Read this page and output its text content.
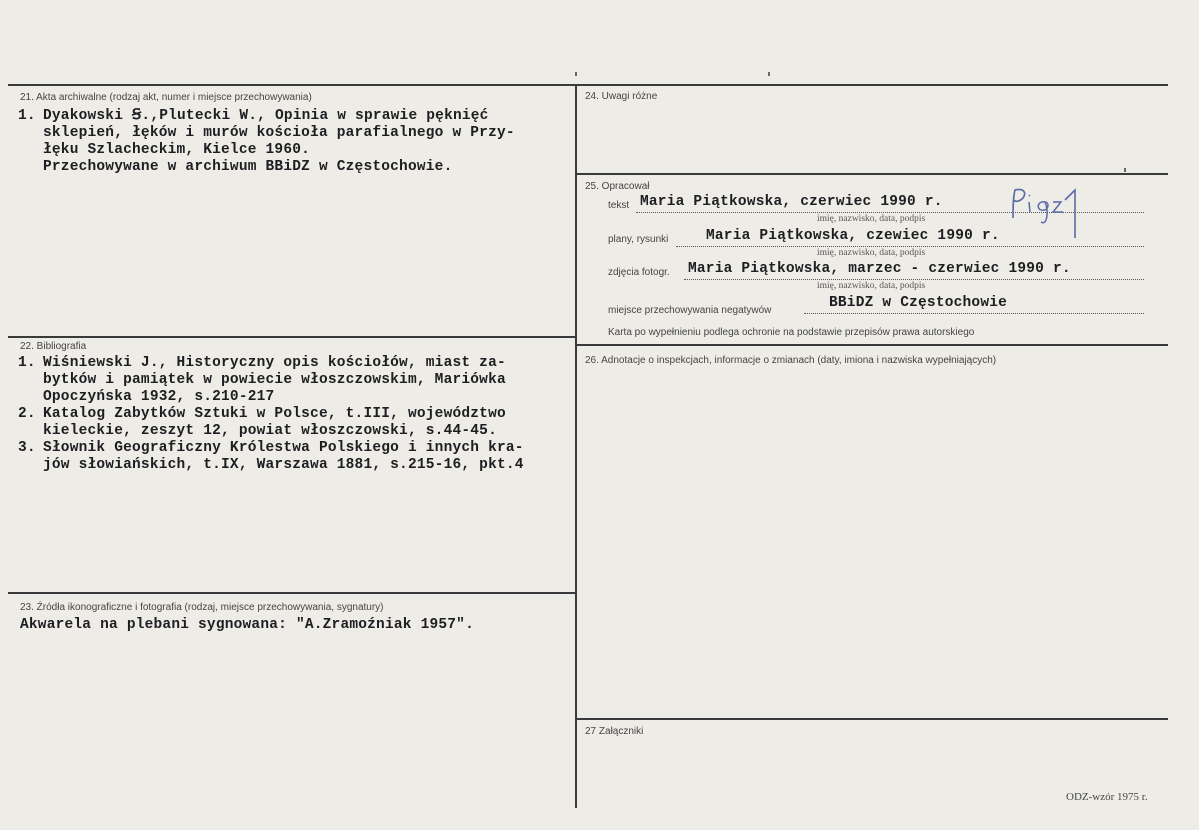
21. Akta archiwalne (rodzaj akt, numer i miejsce przechowywania)
1. Dyakowski Ꞩ.,Plutecki W., Opinia w sprawie pęknięć
sklepień, łęków i murów kościoła parafialnego w Przy-
łęku Szlacheckim, Kielce 1960.
Przechowywane w archiwum BBiDZ w Częstochowie.
22. Bibliografia
1. Wiśniewski J., Historyczny opis kościołów, miast za-
bytków i pamiątek w powiecie włoszczowskim, Mariówka
Opoczyńska 1932, s.210-217
2. Katalog Zabytków Sztuki w Polsce, t.III, województwo
kieleckie, zeszyt 12, powiat włoszczowski, s.44-45.
3. Słownik Geograficzny Królestwa Polskiego i innych kra-
jów słowiańskich, t.IX, Warszawa 1881, s.215-16, pkt.4
23. Źródła ikonograficzne i fotografia (rodzaj, miejsce przechowywania, sygnatury)
Akwarela na plebani sygnowana: "A.Zramoźniak 1957".
24. Uwagi różne
25. Opracował
tekst Maria Piątkowska, czerwiec 1990 r.
imię, nazwisko, data, podpis
plany, rysunki	Maria Piątkowska, czewiec 1990 r.
imię, nazwisko, data, podpis
zdjęcia fotogr. Maria Piątkowska, marzec - czerwiec 1990 r.
imię, nazwisko, data, podpis
miejsce przechowywania negatywów	BBiDZ w Częstochowie
Karta po wypełnieniu podlega ochronie na podstawie przepisów prawa autorskiego
26. Adnotacje o inspekcjach, informacje o zmianach (daty, imiona i nazwiska wypełniających)
27 Załączniki
ODZ-wzór 1975 r.
